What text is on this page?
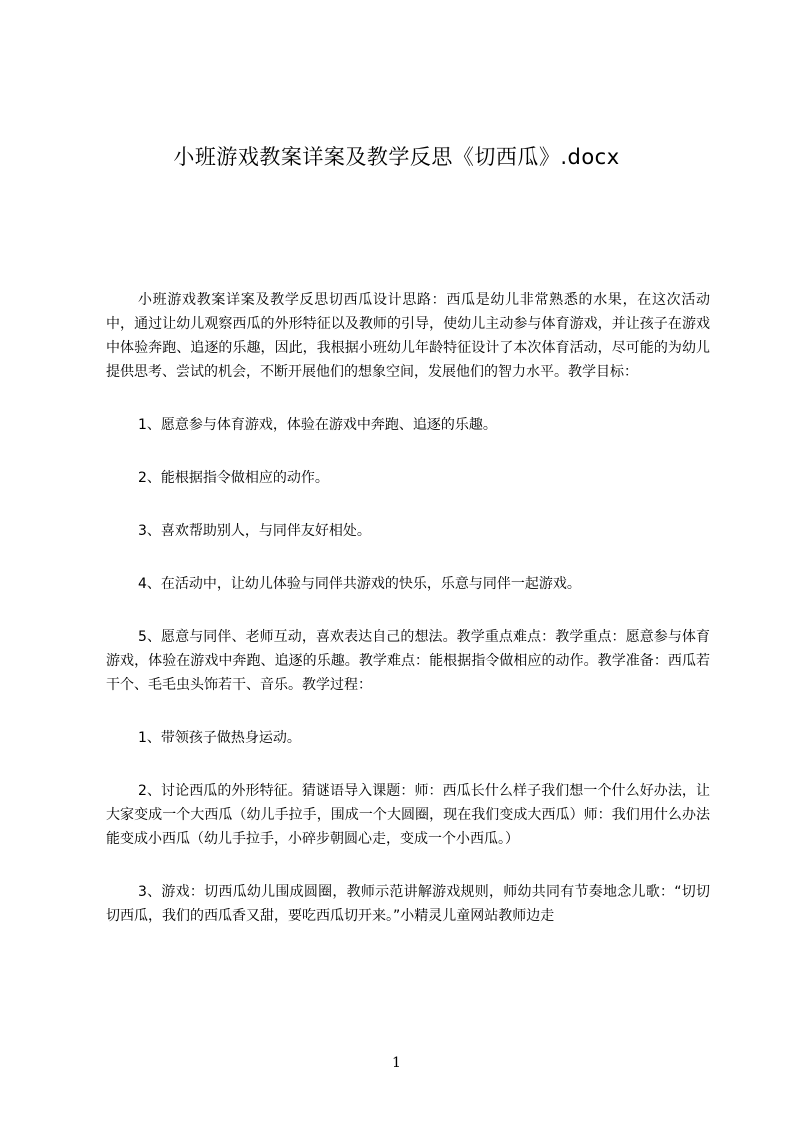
小班游戏教案详案及教学反思《切西瓜》.docx

小班游戏教案详案及教学反思切西瓜设计思路：西瓜是幼儿非常熟悉的水果，在这次活动中，通过让幼儿观察西瓜的外形特征以及教师的引导，使幼儿主动参与体育游戏，并让孩子在游戏中体验奔跑、追逐的乐趣，因此，我根据小班幼儿年龄特征设计了本次体育活动，尽可能的为幼儿提供思考、尝试的机会，不断开展他们的想象空间，发展他们的智力水平。教学目标：

1、愿意参与体育游戏，体验在游戏中奔跑、追逐的乐趣。

2、能根据指令做相应的动作。

3、喜欢帮助别人，与同伴友好相处。

4、在活动中，让幼儿体验与同伴共游戏的快乐，乐意与同伴一起游戏。

5、愿意与同伴、老师互动，喜欢表达自己的想法。教学重点难点：教学重点：愿意参与体育游戏，体验在游戏中奔跑、追逐的乐趣。教学难点：能根据指令做相应的动作。教学准备：西瓜若干个、毛毛虫头饰若干、音乐。教学过程：

1、带领孩子做热身运动。

2、讨论西瓜的外形特征。猜谜语导入课题：师：西瓜长什么样子我们想一个什么好办法，让大家变成一个大西瓜（幼儿手拉手，围成一个大圆圈，现在我们变成大西瓜）师：我们用什么办法能变成小西瓜（幼儿手拉手，小碎步朝圆心走，变成一个小西瓜。）

3、游戏：切西瓜幼儿围成圆圈，教师示范讲解游戏规则，师幼共同有节奏地念儿歌：“切切切西瓜，我们的西瓜香又甜，要吃西瓜切开来。”小精灵儿童网站教师边走

1
